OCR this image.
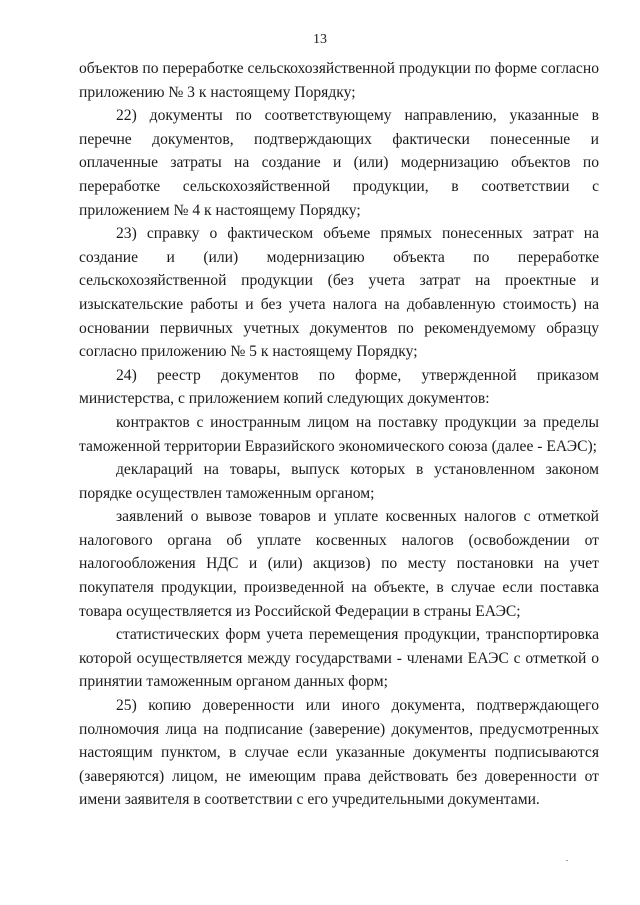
13

объектов по переработке сельскохозяйственной продукции по форме согласно приложению № 3 к настоящему Порядку;

22) документы по соответствующему направлению, указанные в перечне документов, подтверждающих фактически понесенные и оплаченные затраты на создание и (или) модернизацию объектов по переработке сельскохозяйственной продукции, в соответствии с приложением № 4 к настоящему Порядку;

23) справку о фактическом объеме прямых понесенных затрат на создание и (или) модернизацию объекта по переработке сельскохозяйственной продукции (без учета затрат на проектные и изыскательские работы и без учета налога на добавленную стоимость) на основании первичных учетных документов по рекомендуемому образцу согласно приложению № 5 к настоящему Порядку;

24) реестр документов по форме, утвержденной приказом министерства, с приложением копий следующих документов:

контрактов с иностранным лицом на поставку продукции за пределы таможенной территории Евразийского экономического союза (далее - ЕАЭС);

деклараций на товары, выпуск которых в установленном законом порядке осуществлен таможенным органом;

заявлений о вывозе товаров и уплате косвенных налогов с отметкой налогового органа об уплате косвенных налогов (освобождении от налогообложения НДС и (или) акцизов) по месту постановки на учет покупателя продукции, произведенной на объекте, в случае если поставка товара осуществляется из Российской Федерации в страны ЕАЭС;

статистических форм учета перемещения продукции, транспортировка которой осуществляется между государствами - членами ЕАЭС с отметкой о принятии таможенным органом данных форм;

25) копию доверенности или иного документа, подтверждающего полномочия лица на подписание (заверение) документов, предусмотренных настоящим пунктом, в случае если указанные документы подписываются (заверяются) лицом, не имеющим права действовать без доверенности от имени заявителя в соответствии с его учредительными документами.
